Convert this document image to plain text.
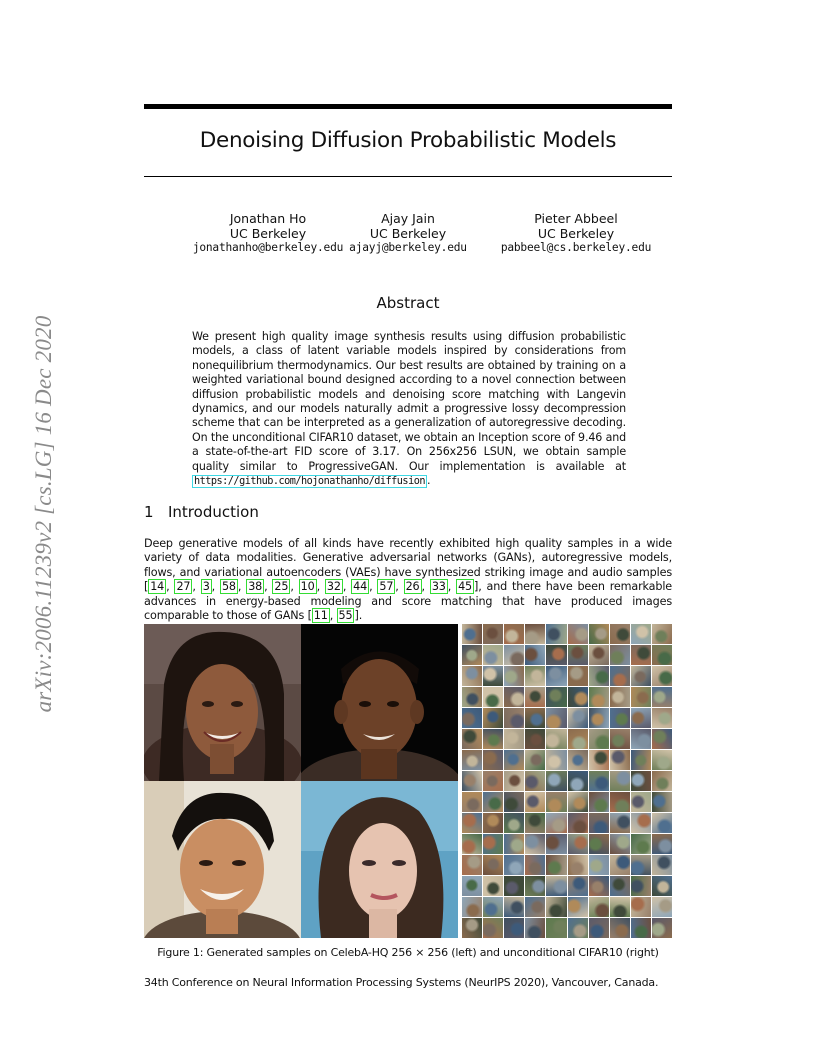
arXiv:2006.11239v2 [cs.LG] 16 Dec 2020
Denoising Diffusion Probabilistic Models
Jonathan Ho
UC Berkeley
jonathanho@berkeley.edu
Ajay Jain
UC Berkeley
ajayj@berkeley.edu
Pieter Abbeel
UC Berkeley
pabbeel@cs.berkeley.edu
Abstract
We present high quality image synthesis results using diffusion probabilistic models, a class of latent variable models inspired by considerations from nonequilibrium thermodynamics. Our best results are obtained by training on a weighted variational bound designed according to a novel connection between diffusion probabilistic models and denoising score matching with Langevin dynamics, and our models naturally admit a progressive lossy decompression scheme that can be interpreted as a generalization of autoregressive decoding. On the unconditional CIFAR10 dataset, we obtain an Inception score of 9.46 and a state-of-the-art FID score of 3.17. On 256x256 LSUN, we obtain sample quality similar to ProgressiveGAN. Our implementation is available at https://github.com/hojonathanho/diffusion .
1 Introduction
Deep generative models of all kinds have recently exhibited high quality samples in a wide variety of data modalities. Generative adversarial networks (GANs), autoregressive models, flows, and variational autoencoders (VAEs) have synthesized striking image and audio samples [ 14 , 27 , 3 , 58 , 38 , 25 , 10 , 32 , 44 , 57 , 26 , 33 , 45 ], and there have been remarkable advances in energy-based modeling and score matching that have produced images comparable to those of GANs [ 11 , 55 ].
Figure 1: Generated samples on CelebA-HQ 256 × 256 (left) and unconditional CIFAR10 (right)
34th Conference on Neural Information Processing Systems (NeurIPS 2020), Vancouver, Canada.
